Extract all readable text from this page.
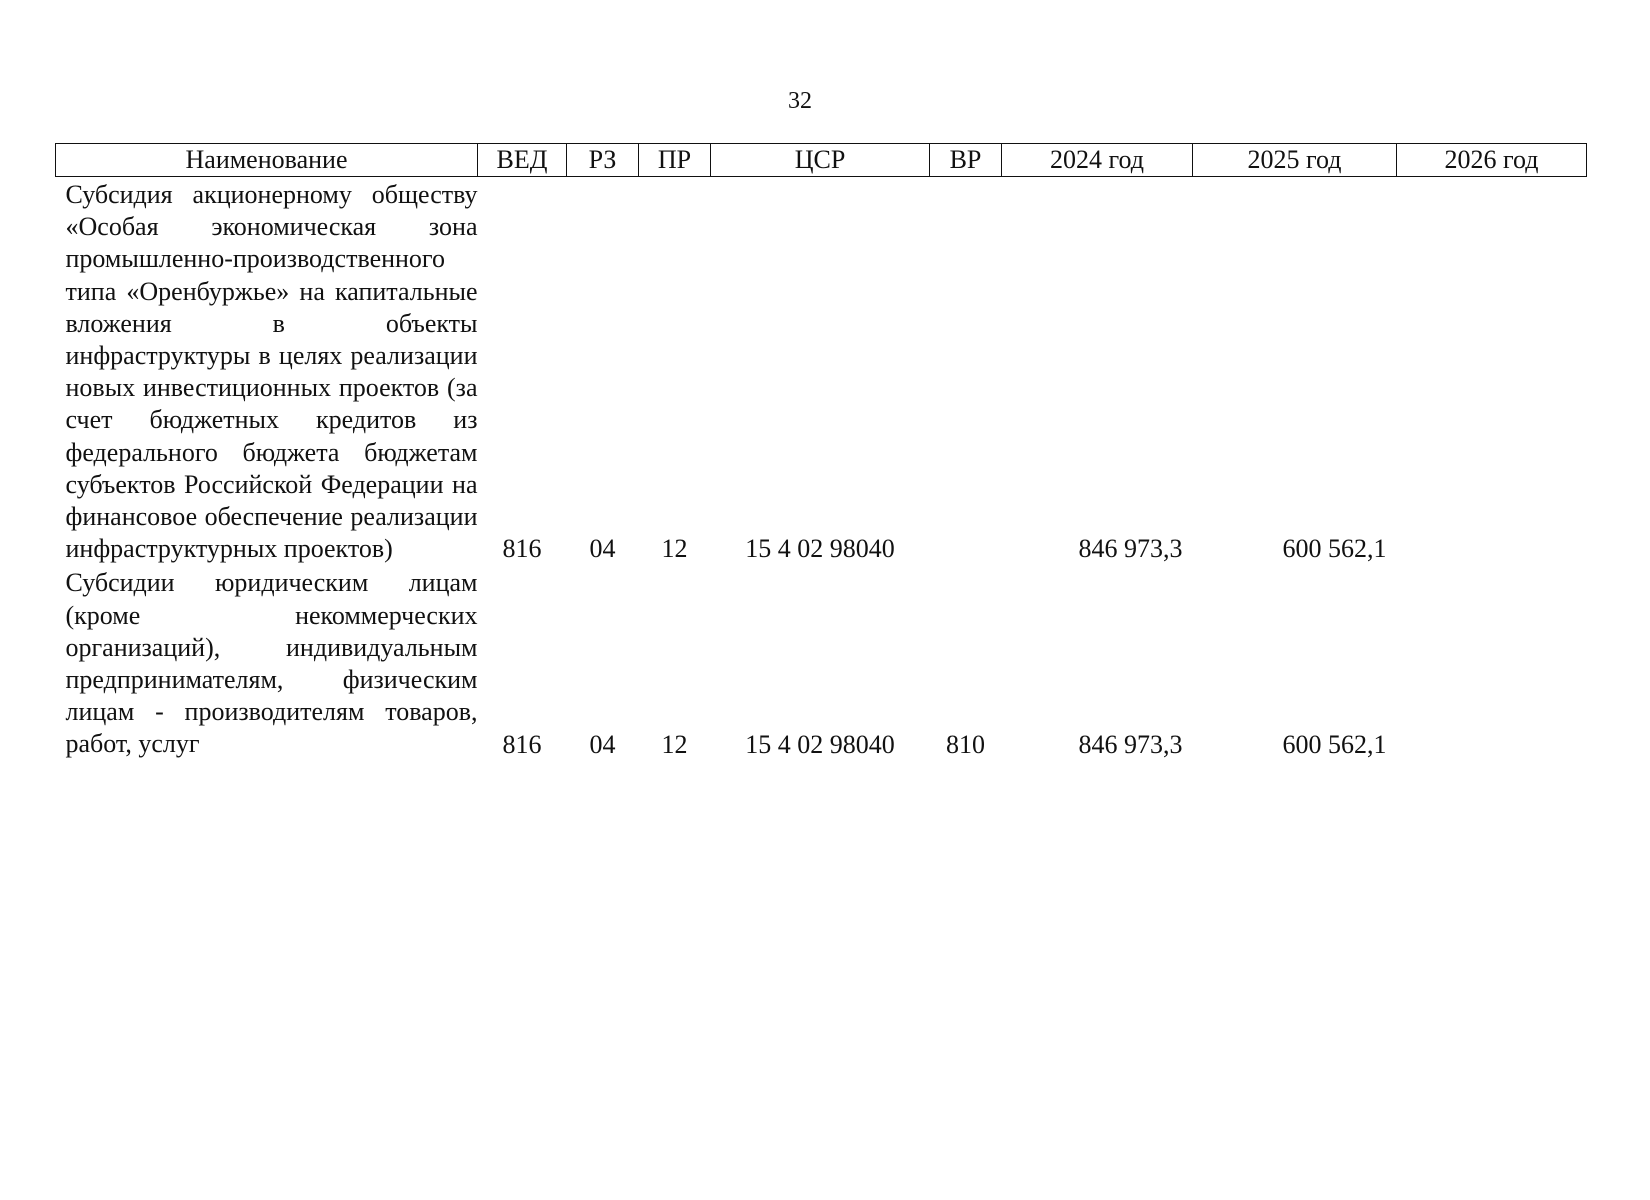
32
Наименование	ВЕД	РЗ	ПР	ЦСР	ВР	2024 год	2025 год	2026 год
Субсидия акционерному обществу «Особая экономическая зона промышленно-производственного типа «Оренбуржье» на капитальные вложения в объекты инфраструктуры в целях реализации новых инвестиционных проектов (за счет бюджетных кредитов из федерального бюджета бюджетам субъектов Российской Федерации на финансовое обеспечение реализации инфраструктурных проектов)	816	04	12	15 4 02 98040		846 973,3	600 562,1	
Субсидии юридическим лицам (кроме некоммерческих организаций), индивидуальным предпринимателям, физическим лицам - производителям товаров, работ, услуг	816	04	12	15 4 02 98040	810	846 973,3	600 562,1	
